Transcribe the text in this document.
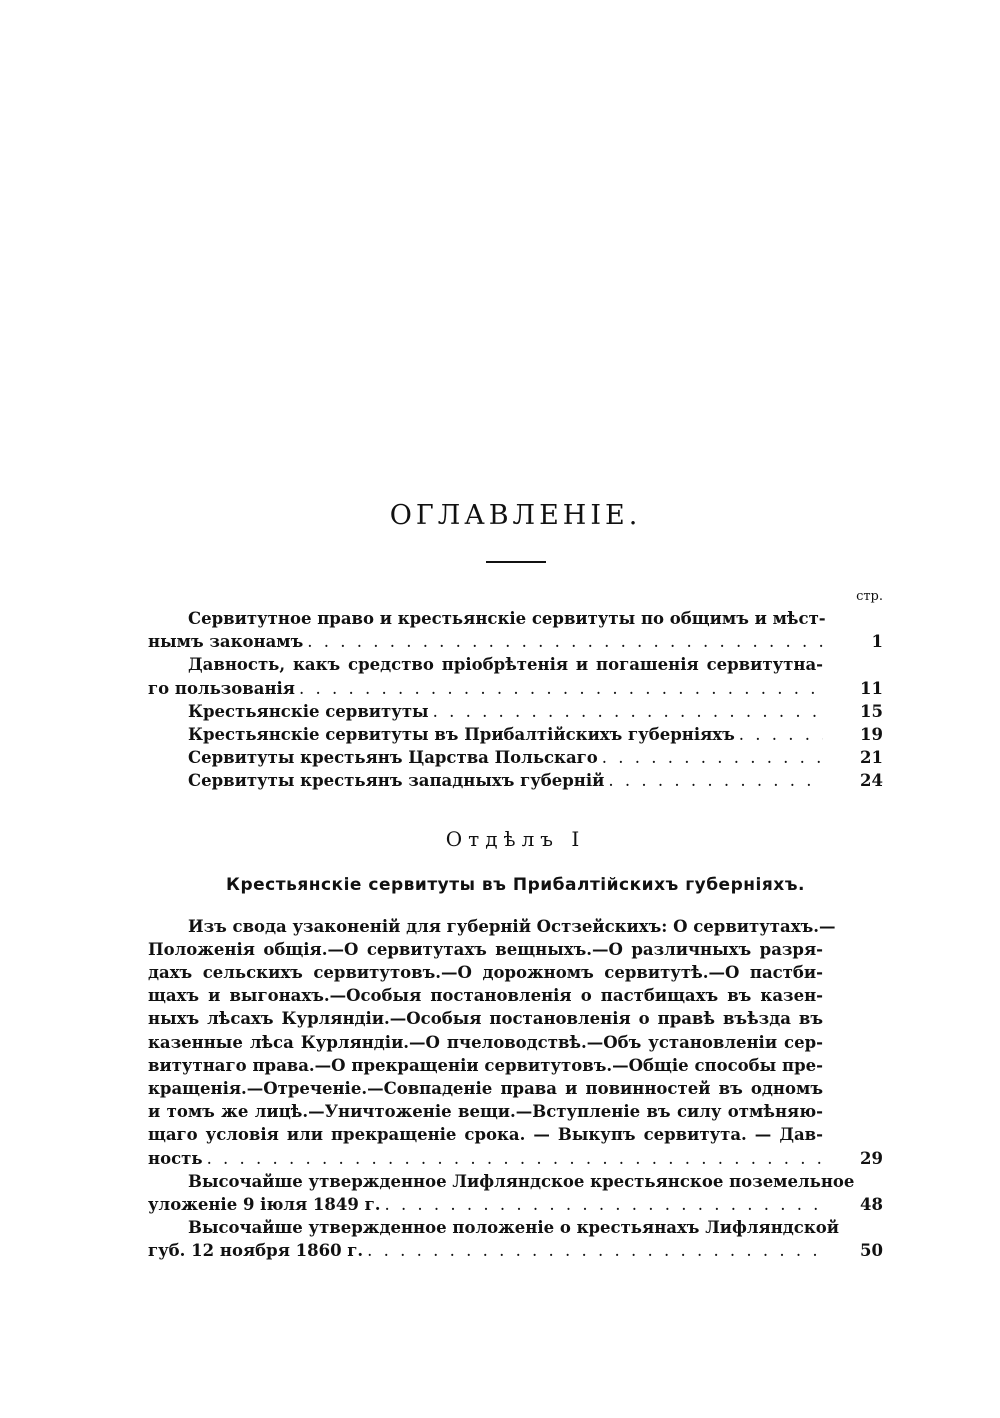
ОГЛАВЛЕНІЕ.
стр.
Сервитутное право и крестьянскіе сервитуты по общимъ и мѣст-
нымъ законамъ . . .	1
Давность, какъ средство пріобрѣтенія и погашенія сервитутна-
го пользованія . . .	11
Крестьянскіе сервитуты . . .	15
Крестьянскіе сервитуты въ Прибалтійскихъ губерніяхъ . . .	19
Сервитуты крестьянъ Царства Польскаго . . .	21
Сервитуты крестьянъ западныхъ губерній . . .	24
Отдѣлъ I
Крестьянскіе сервитуты въ Прибалтійскихъ губерніяхъ.
Изъ свода узаконеній для губерній Остзейскихъ: О сервитутахъ.—
Положенія общія.—О сервитутахъ вещныхъ.—О различныхъ разря-
дахъ сельскихъ сервитутовъ.—О дорожномъ сервитутѣ.—О пастби-
щахъ и выгонахъ.—Особыя постановленія о пастбищахъ въ казен-
ныхъ лѣсахъ Курляндіи.—Особыя постановленія о правѣ въѣзда въ
казенные лѣса Курляндіи.—О пчеловодствѣ.—Объ установленіи сер-
витутнаго права.—О прекращеніи сервитутовъ.—Общіе способы пре-
кращенія.—Отреченіе.—Совпаденіе права и повинностей въ одномъ
и томъ же лицѣ.—Уничтоженіе вещи.—Вступленіе въ силу отмѣняю-
щаго условія или прекращеніе срока. — Выкупъ сервитута. — Дав-
ность . . .	29
Высочайше утвержденное Лифляндское крестьянское поземельное
уложеніе 9 іюля 1849 г. . . .	48
Высочайше утвержденное положеніе о крестьянахъ Лифляндской
губ. 12 ноября 1860 г. . . .	50
